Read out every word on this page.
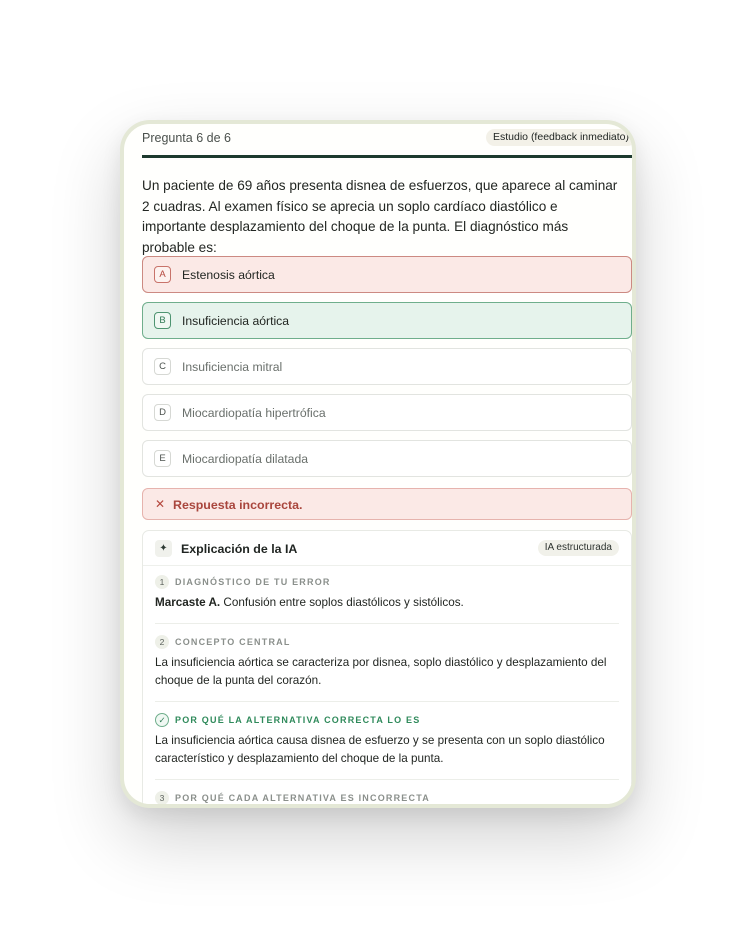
Pregunta 6 de 6	Estudio (feedback inmediato)
Un paciente de 69 años presenta disnea de esfuerzos, que aparece al caminar 2 cuadras. Al examen físico se aprecia un soplo cardíaco diastólico e importante desplazamiento del choque de la punta. El diagnóstico más probable es:
A	Estenosis aórtica
B	Insuficiencia aórtica
C	Insuficiencia mitral
D	Miocardiopatía hipertrófica
E	Miocardiopatía dilatada
✕ Respuesta incorrecta.
✦	Explicación de la IA	IA estructurada
1	DIAGNÓSTICO DE TU ERROR
Marcaste A. Confusión entre soplos diastólicos y sistólicos.
2	CONCEPTO CENTRAL
La insuficiencia aórtica se caracteriza por disnea, soplo diastólico y desplazamiento del choque de la punta del corazón.
✓	POR QUÉ LA ALTERNATIVA CORRECTA LO ES
La insuficiencia aórtica causa disnea de esfuerzo y se presenta con un soplo diastólico característico y desplazamiento del choque de la punta.
3	POR QUÉ CADA ALTERNATIVA ES INCORRECTA
